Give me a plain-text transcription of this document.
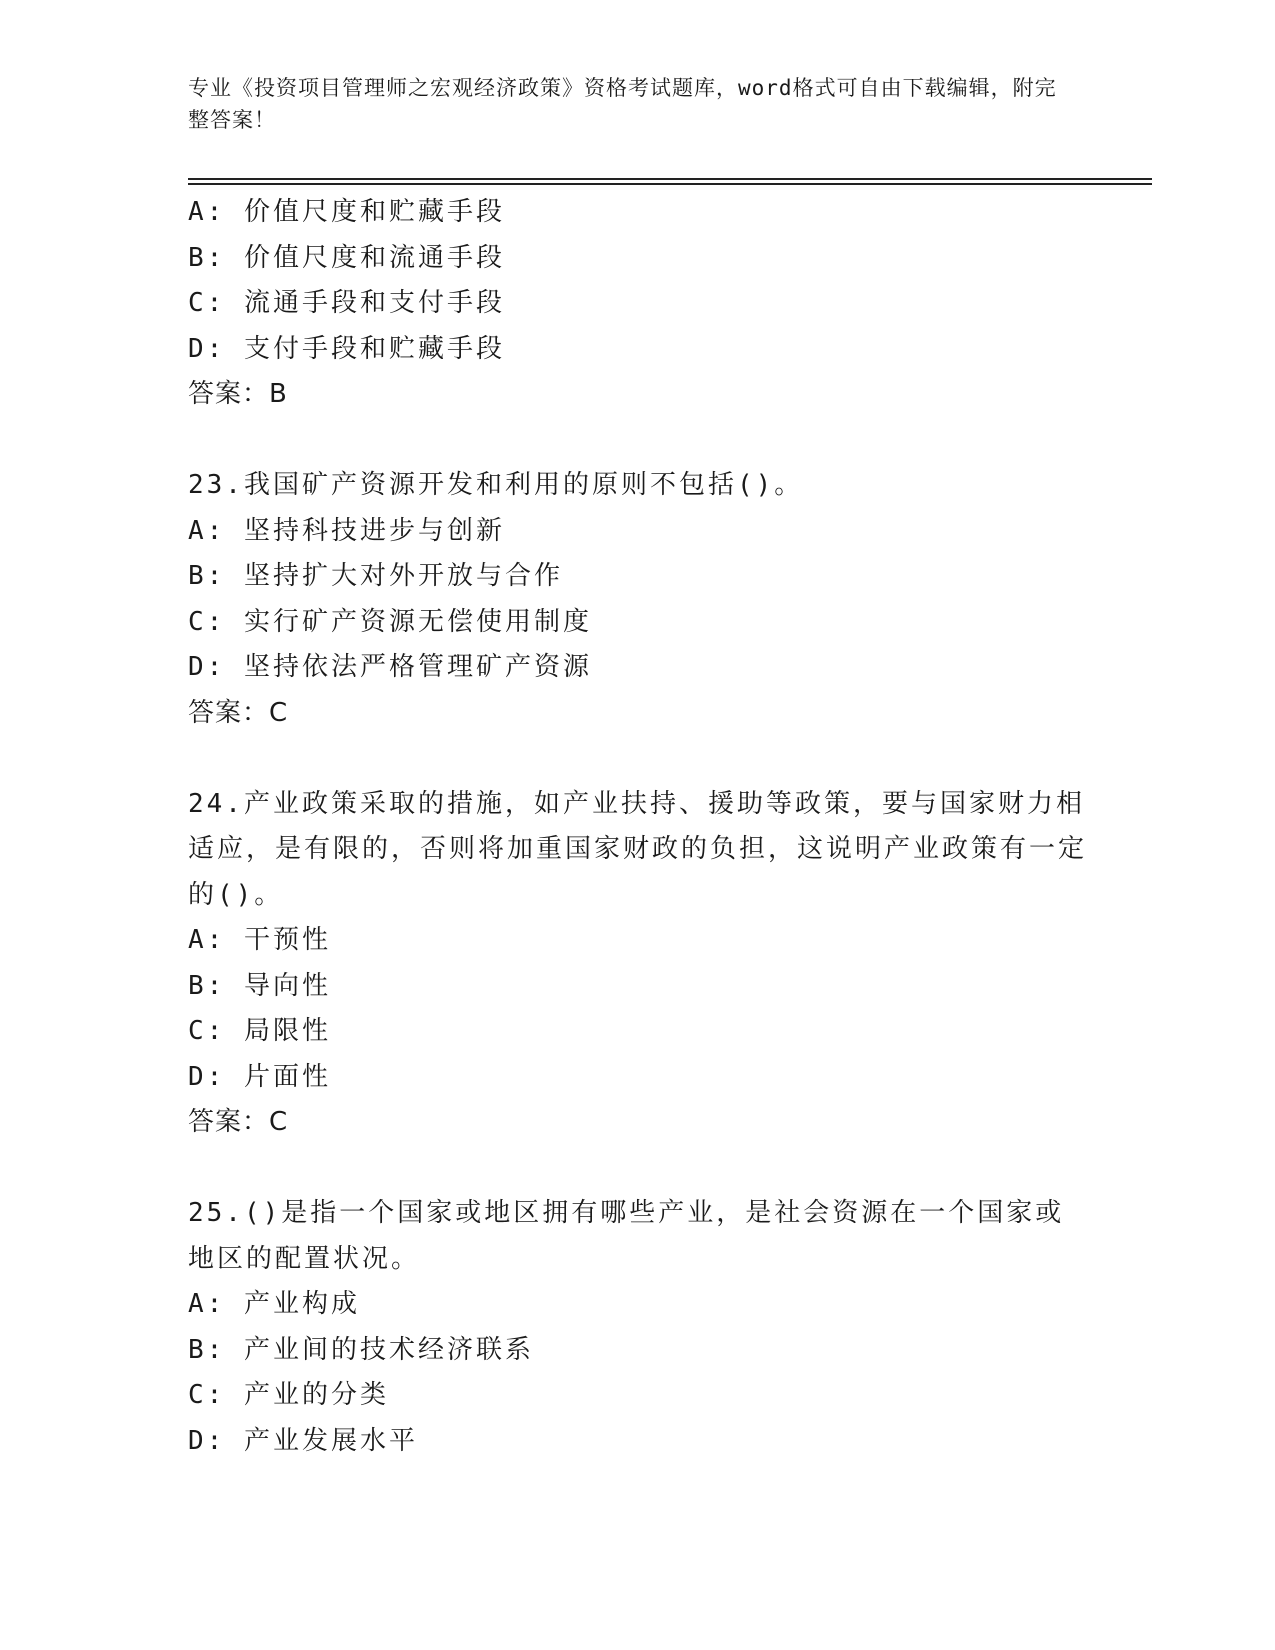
专业《投资项目管理师之宏观经济政策》资格考试题库，word格式可自由下载编辑，附完整答案！
A: 价值尺度和贮藏手段
B: 价值尺度和流通手段
C: 流通手段和支付手段
D: 支付手段和贮藏手段
答案：B
23.我国矿产资源开发和利用的原则不包括()。
A: 坚持科技进步与创新
B: 坚持扩大对外开放与合作
C: 实行矿产资源无偿使用制度
D: 坚持依法严格管理矿产资源
答案：C
24.产业政策采取的措施，如产业扶持、援助等政策，要与国家财力相适应，是有限的，否则将加重国家财政的负担，这说明产业政策有一定的()。
A: 干预性
B: 导向性
C: 局限性
D: 片面性
答案：C
25.()是指一个国家或地区拥有哪些产业，是社会资源在一个国家或地区的配置状况。
A: 产业构成
B: 产业间的技术经济联系
C: 产业的分类
D: 产业发展水平
